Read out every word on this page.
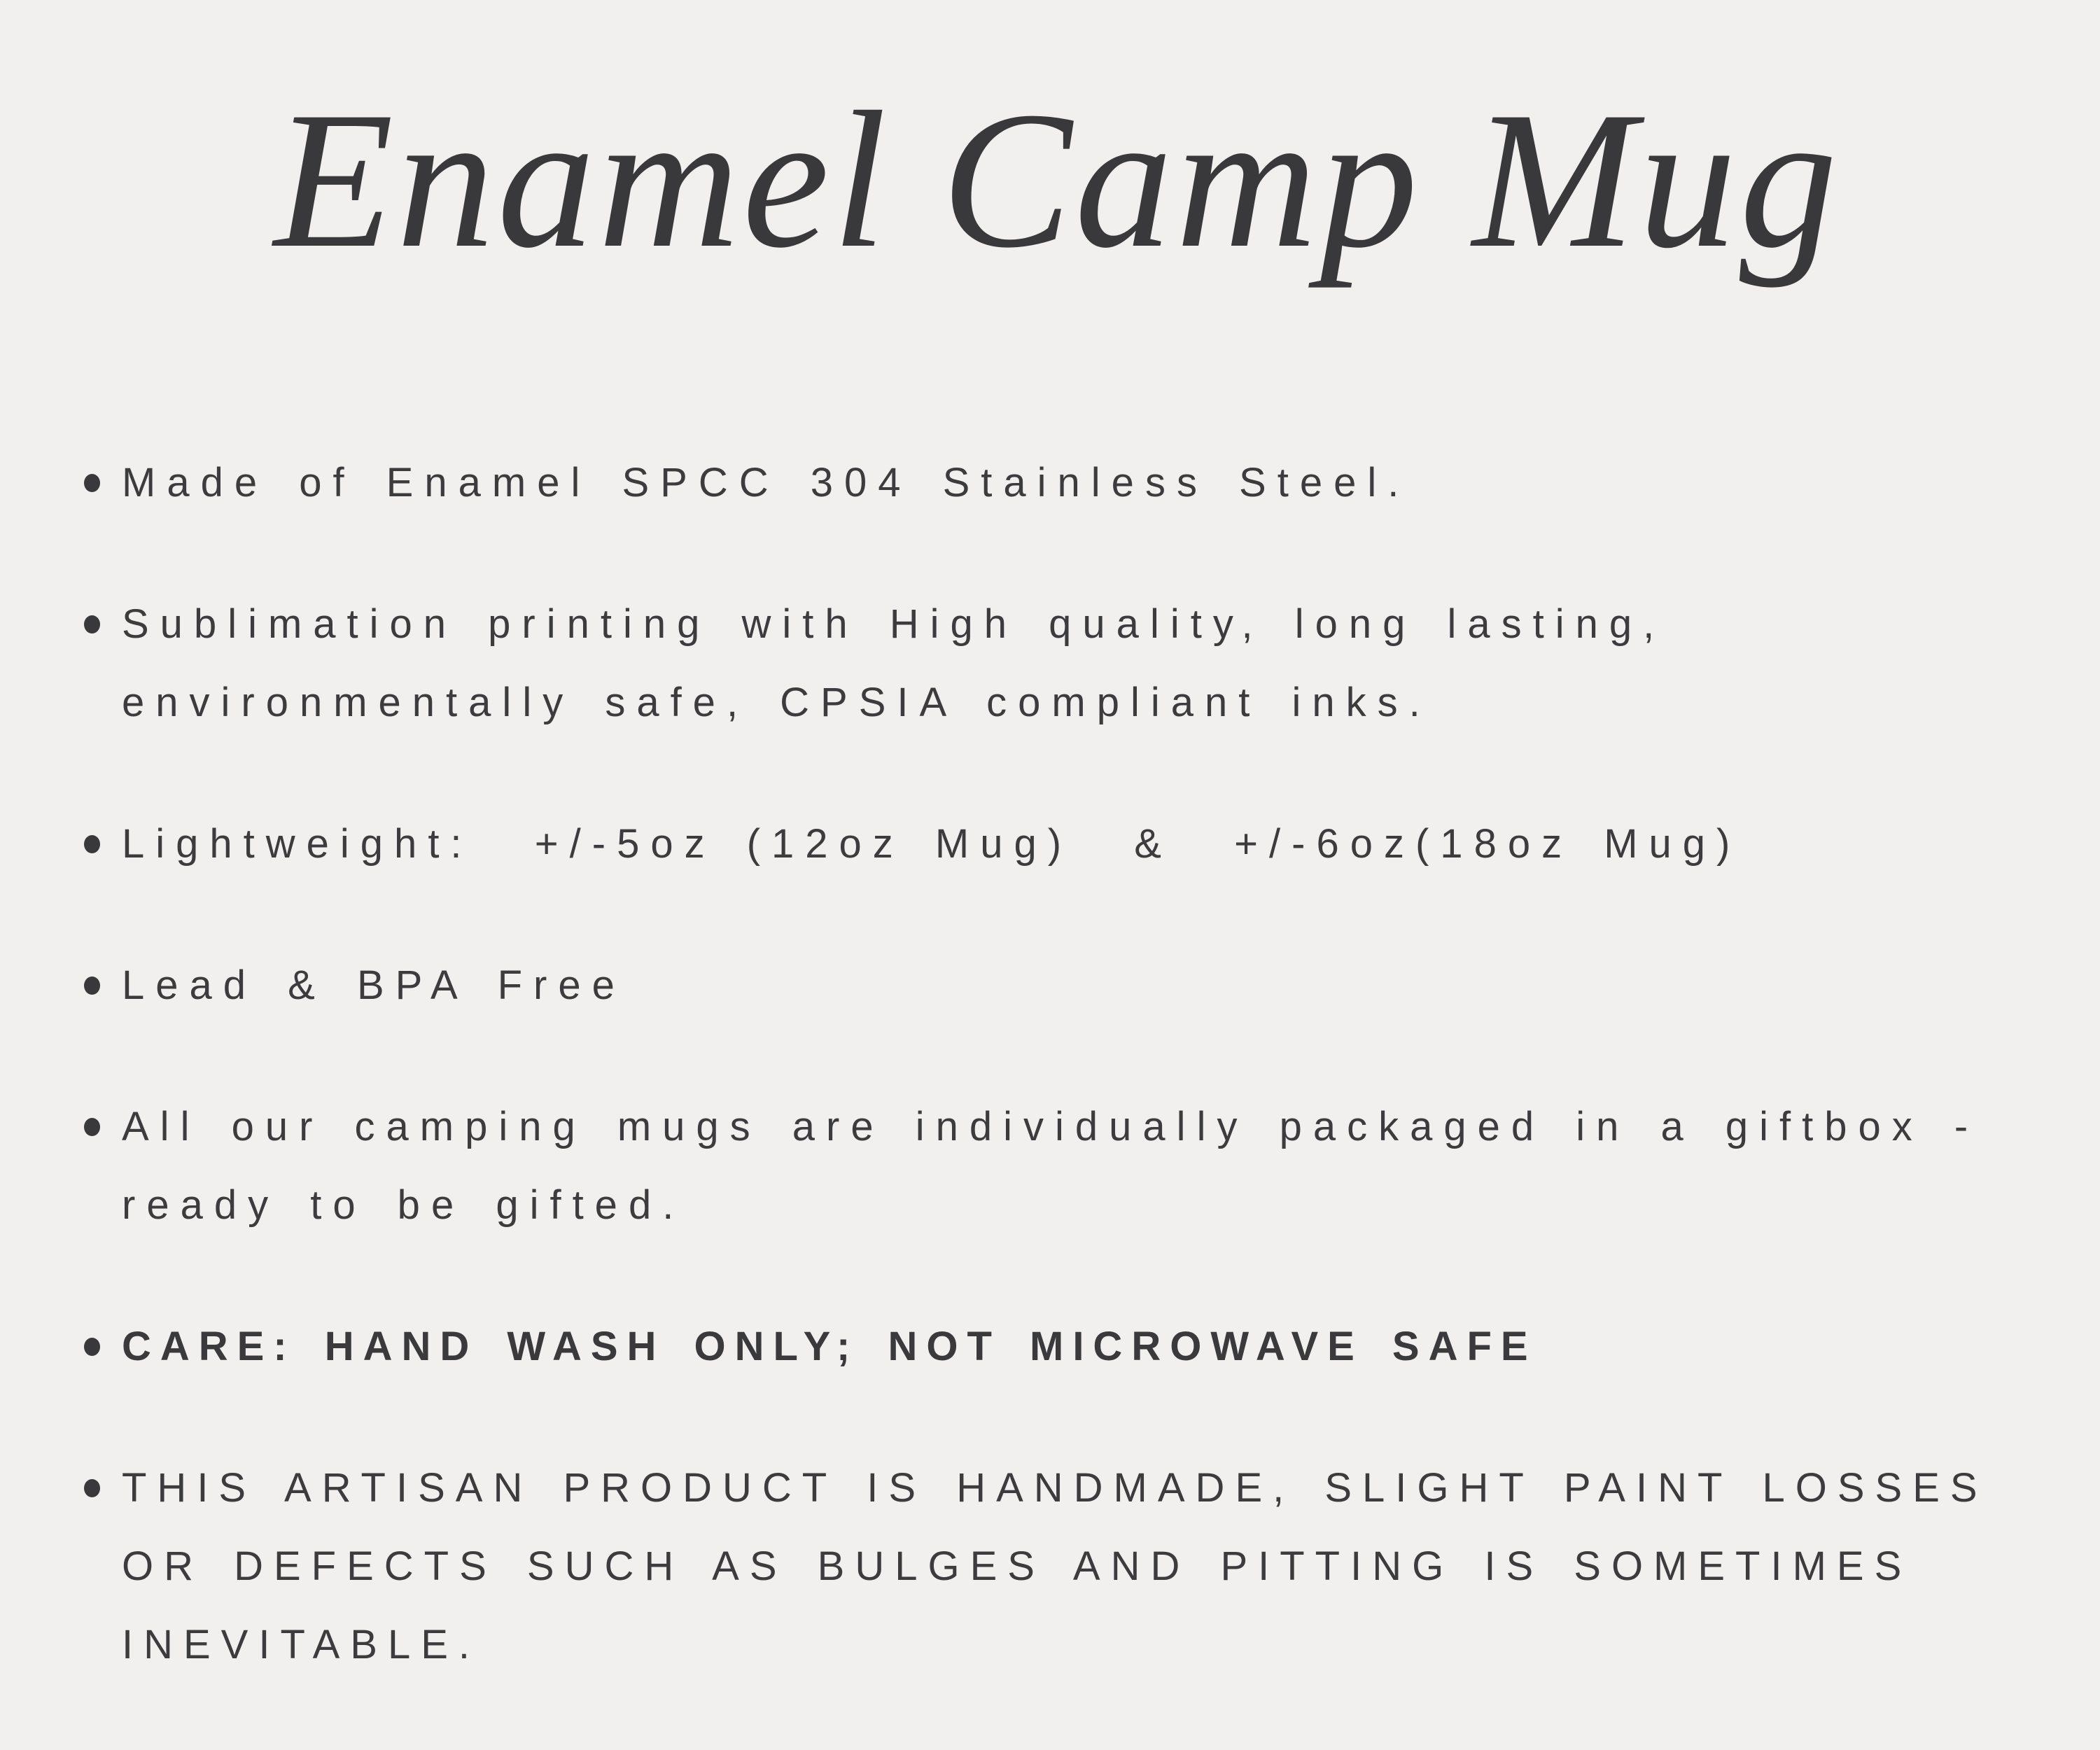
Enamel Camp Mug
Made of Enamel SPCC 304 Stainless Steel.
Sublimation printing with High quality, long lasting, environmentally safe, CPSIA compliant inks.
Lightweight:  +/-5oz (12oz Mug)  &  +/-6oz(18oz Mug)
Lead & BPA Free
All our camping mugs are individually packaged in a giftbox - ready to be gifted.
CARE: HAND WASH ONLY; NOT MICROWAVE SAFE
THIS ARTISAN PRODUCT IS HANDMADE, SLIGHT PAINT LOSSES OR DEFECTS SUCH AS BULGES AND PITTING IS SOMETIMES INEVITABLE.
